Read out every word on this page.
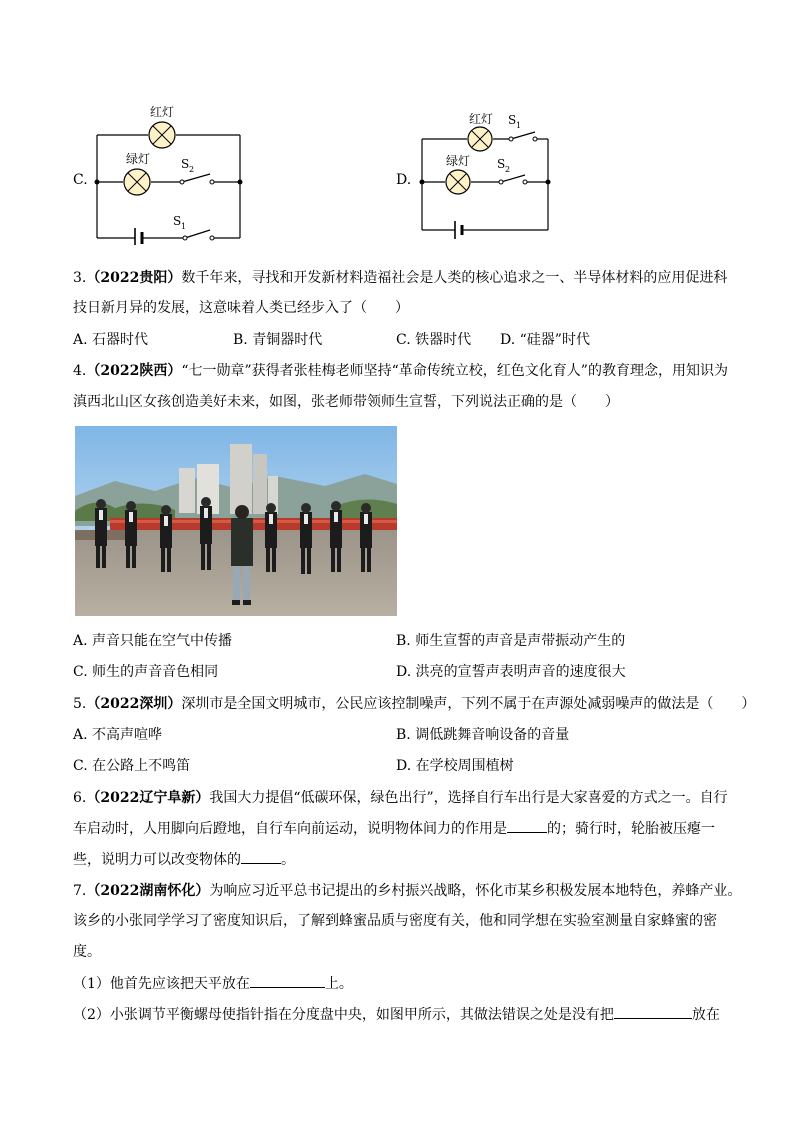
C.
红灯
绿灯	S 2
S 1
D.
红灯 S 1
绿灯 S 2
3.（2022贵阳）数千年来，寻找和开发新材料造福社会是人类的核心追求之一、半导体材料的应用促进科
技日新月异的发展，这意味着人类已经步入了（　　）
A. 石器时代	B. 青铜器时代	C. 铁器时代 D. “硅器”时代
4.（2022陕西）“七一勋章”获得者张桂梅老师坚持“革命传统立校，红色文化育人”的教育理念，用知识为
滇西北山区女孩创造美好未来，如图，张老师带领师生宣誓，下列说法正确的是（　　）
A. 声音只能在空气中传播	B. 师生宣誓的声音是声带振动产生的
C. 师生的声音音色相同	D. 洪亮的宣誓声表明声音的速度很大
5.（2022深圳）深圳市是全国文明城市，公民应该控制噪声，下列不属于在声源处减弱噪声的做法是（　　）
A. 不高声喧哗	B. 调低跳舞音响设备的音量
C. 在公路上不鸣笛	D. 在学校周围植树
6.（2022辽宁阜新）我国大力提倡“低碳环保，绿色出行”，选择自行车出行是大家喜爱的方式之一。自行
车启动时，人用脚向后蹬地，自行车向前运动，说明物体间力的作用是	的；骑行时，轮胎被压瘪一
些，说明力可以改变物体的	。
7.（2022湖南怀化）为响应习近平总书记提出的乡村振兴战略，怀化市某乡积极发展本地特色，养蜂产业。
该乡的小张同学学习了密度知识后，了解到蜂蜜品质与密度有关，他和同学想在实验室测量自家蜂蜜的密
度。
（1）他首先应该把天平放在	上。
（2）小张调节平衡螺母使指针指在分度盘中央，如图甲所示，其做法错误之处是没有把	放在
